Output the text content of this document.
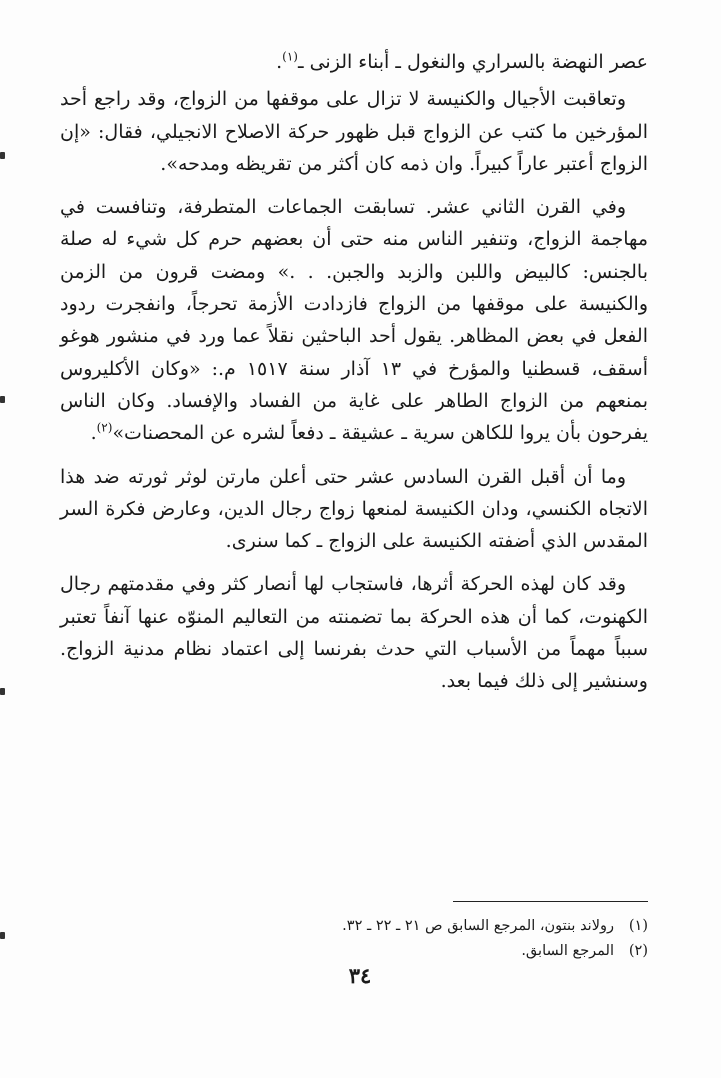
عصر النهضة بالسراري والنغول ـ أبناء الزنى ـ$^{(١)}$.

وتعاقبت الأجيال والكنيسة لا تزال على موقفها من الزواج، وقد راجع أحد المؤرخين ما كتب عن الزواج قبل ظهور حركة الاصلاح الانجيلي، فقال: «إن الزواج أعتبر عاراً كبيراً. وان ذمه كان أكثر من تقريظه ومدحه».

وفي القرن الثاني عشر. تسابقت الجماعات المتطرفة، وتنافست في مهاجمة الزواج، وتنفير الناس منه حتى أن بعضهم حرم كل شيء له صلة بالجنس: كالبيض واللبن والزبد والجبن. . .» ومضت قرون من الزمن والكنيسة على موقفها من الزواج فازدادت الأزمة تحرجاً، وانفجرت ردود الفعل في بعض المظاهر. يقول أحد الباحثين نقلاً عما ورد في منشور هوغو أسقف، قسطنيا والمؤرخ في ١٣ آذار سنة ١٥١٧ م.: «وكان الأكليروس بمنعهم من الزواج الطاهر على غاية من الفساد والإفساد. وكان الناس يفرحون بأن يروا للكاهن سرية ـ عشيقة ـ دفعاً لشره عن المحصنات»$^{(٢)}$.

وما أن أقبل القرن السادس عشر حتى أعلن مارتن لوثر ثورته ضد هذا الاتجاه الكنسي، ودان الكنيسة لمنعها زواج رجال الدين، وعارض فكرة السر المقدس الذي أضفته الكنيسة على الزواج ـ كما سنرى.

وقد كان لهذه الحركة أثرها، فاستجاب لها أنصار كثر وفي مقدمتهم رجال الكهنوت، كما أن هذه الحركة بما تضمنته من التعاليم المنوّه عنها آنفاً تعتبر سبباً مهماً من الأسباب التي حدث بفرنسا إلى اعتماد نظام مدنية الزواج. وسنشير إلى ذلك فيما بعد.

(١)
رولاند بنتون، المرجع السابق ص ٢١ ـ ٢٢ ـ ٣٢.
(٢)
المرجع السابق.
٣٤
